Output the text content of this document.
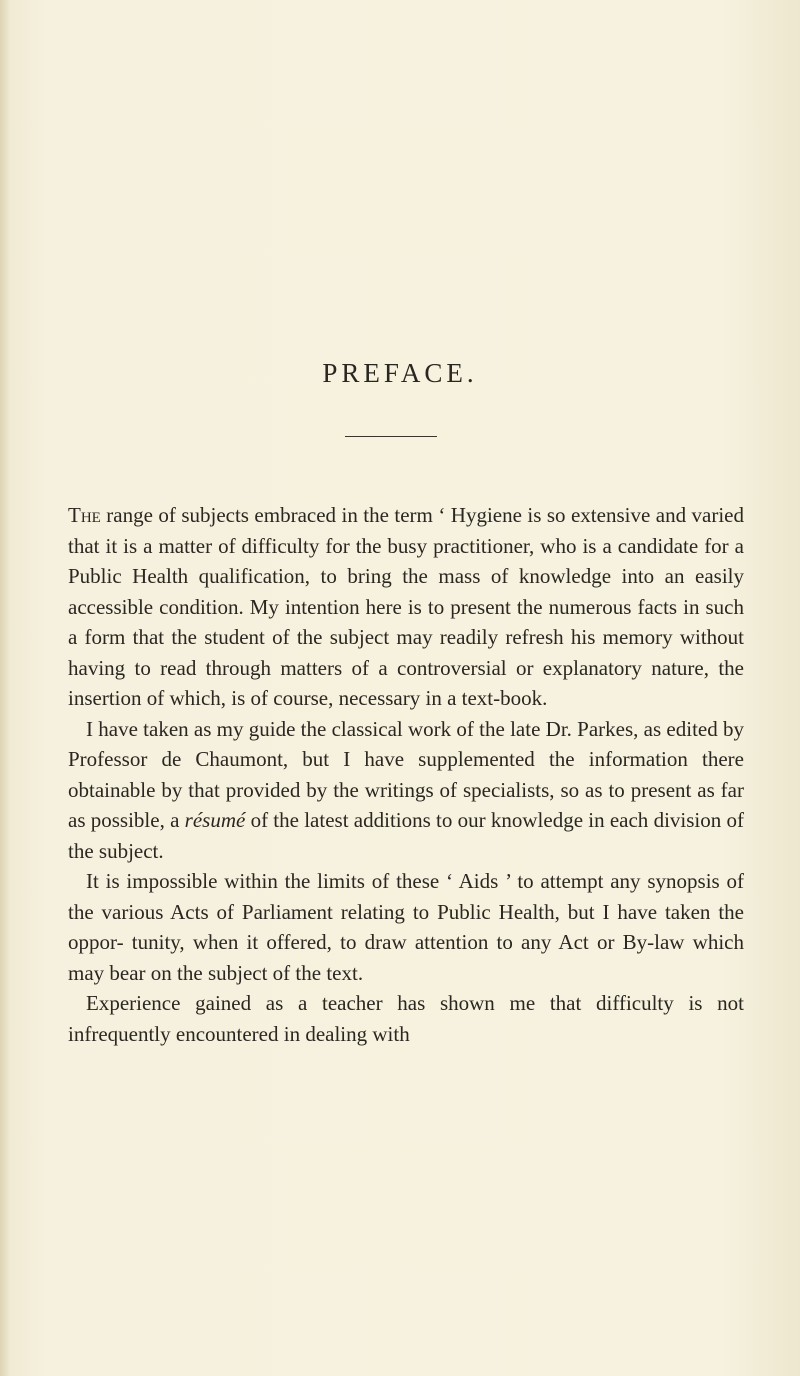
PREFACE.

The range of subjects embraced in the term ‘ Hygiene is so extensive and varied that it is a matter of difficulty for the busy practitioner, who is a candidate for a Public Health qualification, to bring the mass of knowledge into an easily accessible condition. My intention here is to present the numerous facts in such a form that the student of the subject may readily refresh his memory without having to read through matters of a controversial or explanatory nature, the insertion of which, is of course, necessary in a text-book.

I have taken as my guide the classical work of the late Dr. Parkes, as edited by Professor de Chaumont, but I have supplemented the information there obtainable by that provided by the writings of specialists, so as to present as far as possible, a résumé of the latest additions to our knowledge in each division of the subject.

It is impossible within the limits of these ‘ Aids ’ to attempt any synopsis of the various Acts of Parliament relating to Public Health, but I have taken the oppor- tunity, when it offered, to draw attention to any Act or By-law which may bear on the subject of the text.

Experience gained as a teacher has shown me that difficulty is not infrequently encountered in dealing with
